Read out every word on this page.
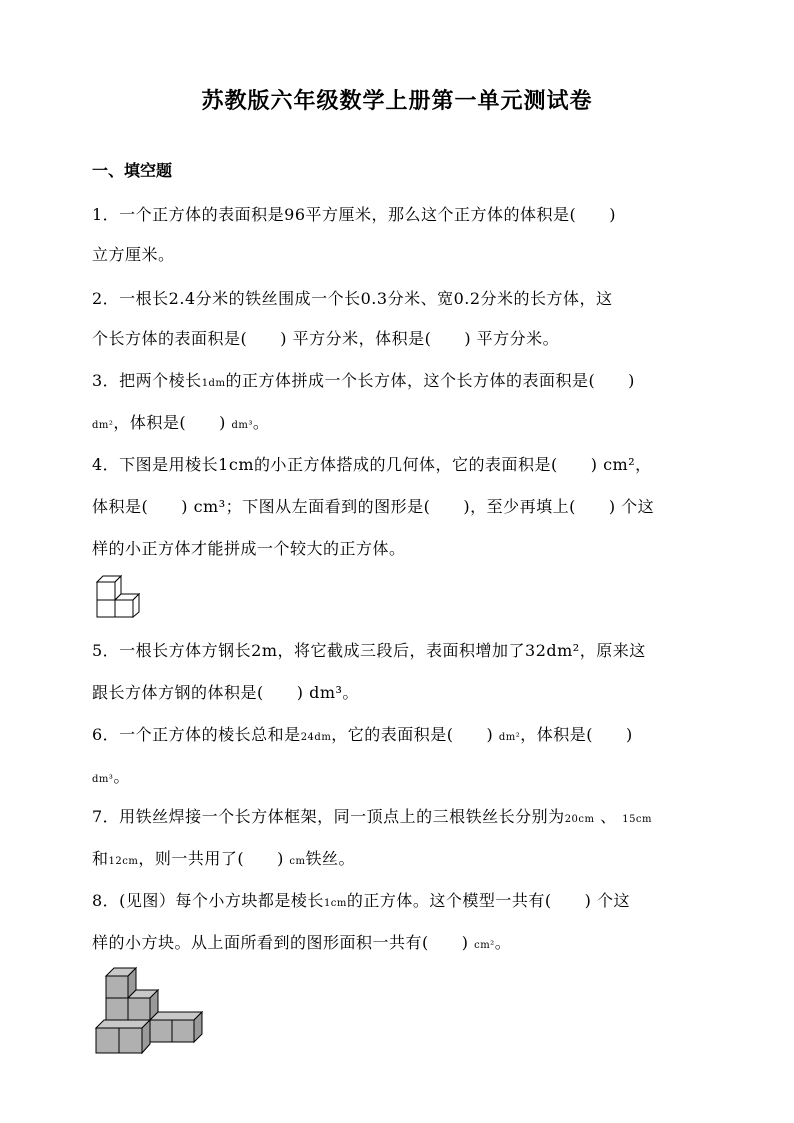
苏教版六年级数学上册第一单元测试卷
一、填空题
1．一个正方体的表面积是96平方厘米，那么这个正方体的体积是(　　)
立方厘米。
2．一根长2.4分米的铁丝围成一个长0.3分米、宽0.2分米的长方体，这
个长方体的表面积是(　　) 平方分米，体积是(　　) 平方分米。
3．把两个棱长1dm的正方体拼成一个长方体，这个长方体的表面积是(　　)
dm²，体积是(　　) dm³。
4．下图是用棱长1cm的小正方体搭成的几何体，它的表面积是(　　) cm²，
体积是(　　) cm³；下图从左面看到的图形是(　　)，至少再填上(　　) 个这
样的小正方体才能拼成一个较大的正方体。
5．一根长方体方钢长2m，将它截成三段后，表面积增加了32dm²，原来这
跟长方体方钢的体积是(　　) dm³。
6．一个正方体的棱长总和是24dm，它的表面积是(　　) dm²，体积是(　　)
dm³。
7．用铁丝焊接一个长方体框架，同一顶点上的三根铁丝长分别为20cm 、 15cm
和12cm，则一共用了(　　) cm铁丝。
8．(见图）每个小方块都是棱长1cm的正方体。这个模型一共有(　　) 个这
样的小方块。从上面所看到的图形面积一共有(　　) cm²。
